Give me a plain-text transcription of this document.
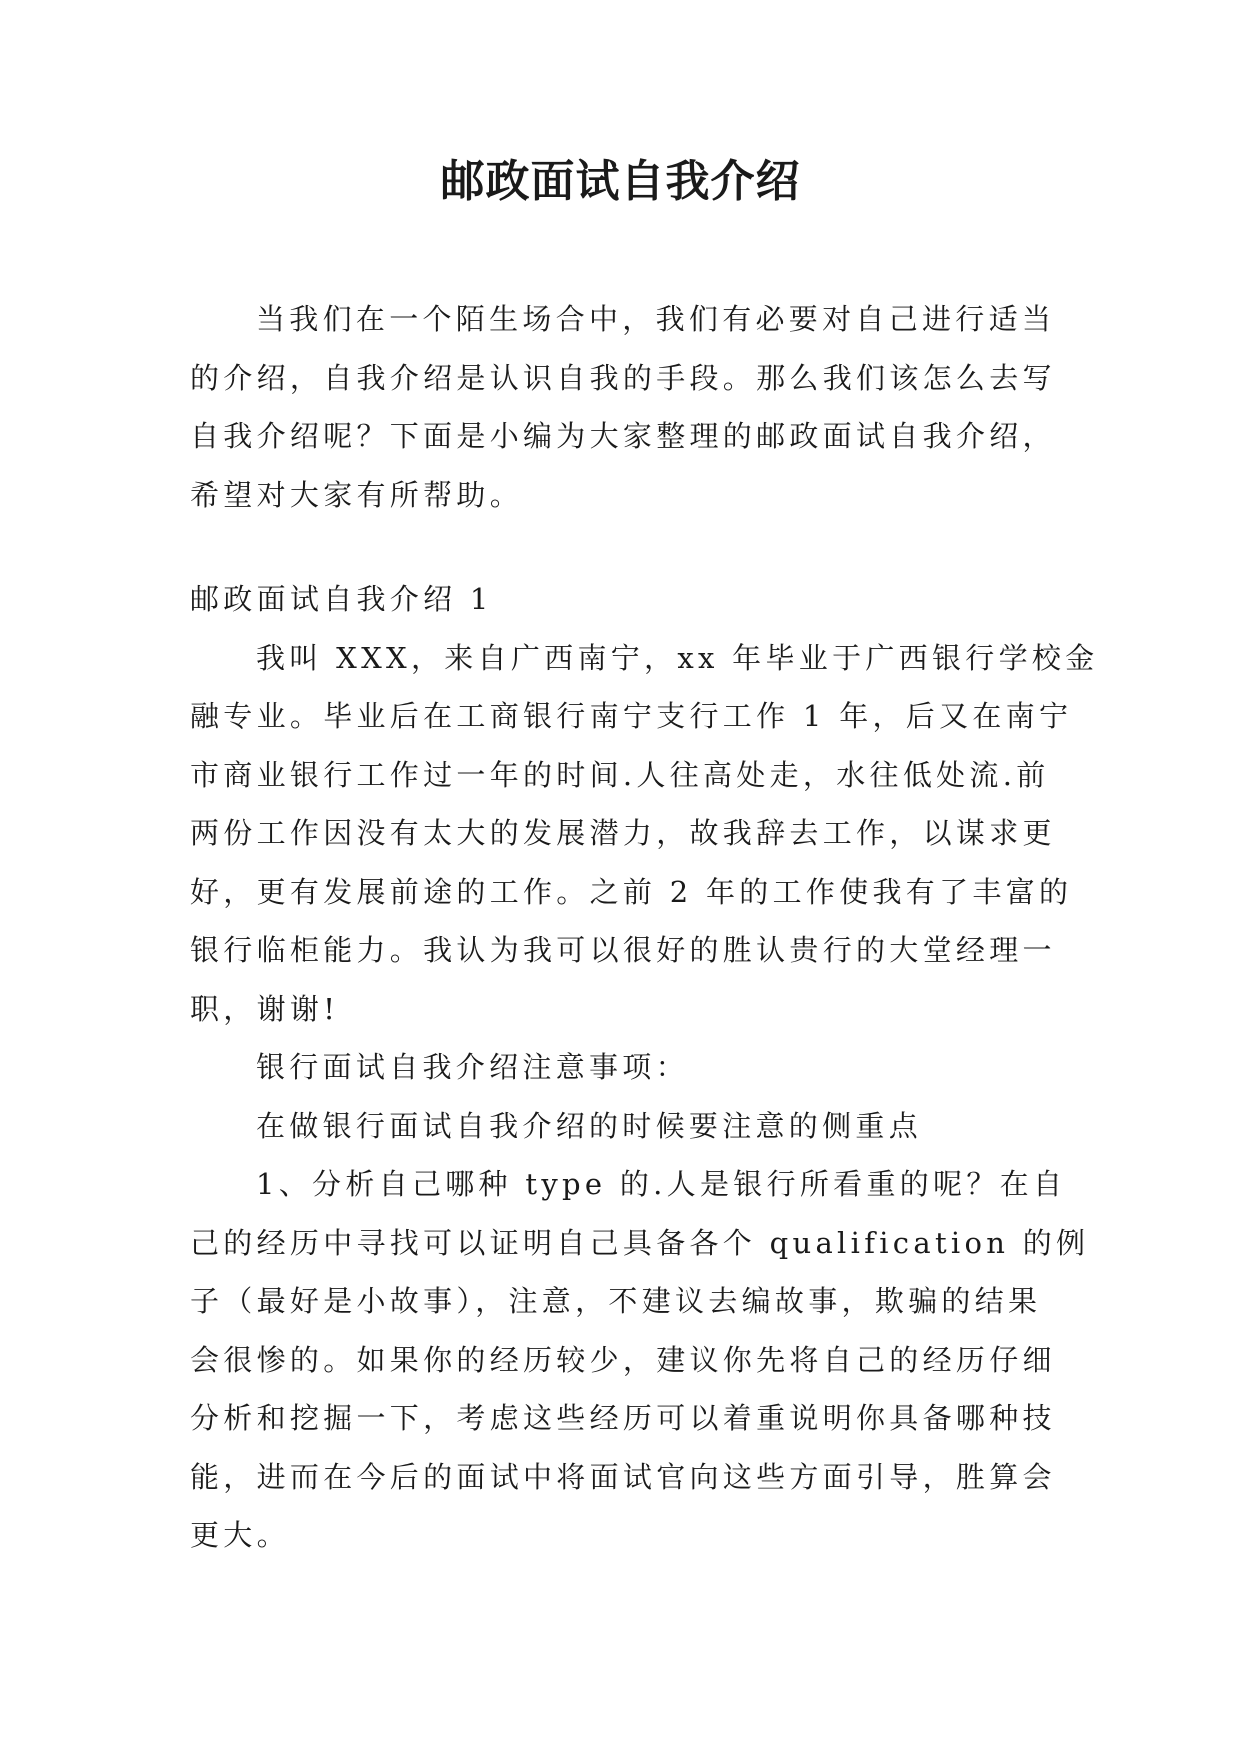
邮政面试自我介绍
当我们在一个陌生场合中，我们有必要对自己进行适当
的介绍，自我介绍是认识自我的手段。那么我们该怎么去写
自我介绍呢？下面是小编为大家整理的邮政面试自我介绍，
希望对大家有所帮助。
邮政面试自我介绍 1
我叫 XXX，来自广西南宁，xx 年毕业于广西银行学校金
融专业。毕业后在工商银行南宁支行工作 1 年，后又在南宁
市商业银行工作过一年的时间.人往高处走，水往低处流.前
两份工作因没有太大的发展潜力，故我辞去工作，以谋求更
好，更有发展前途的工作。之前 2 年的工作使我有了丰富的
银行临柜能力。我认为我可以很好的胜认贵行的大堂经理一
职，谢谢!
银行面试自我介绍注意事项：
在做银行面试自我介绍的时候要注意的侧重点
1、分析自己哪种 type 的.人是银行所看重的呢？在自
己的经历中寻找可以证明自己具备各个 qualification 的例
子（最好是小故事），注意，不建议去编故事，欺骗的结果
会很惨的。如果你的经历较少，建议你先将自己的经历仔细
分析和挖掘一下，考虑这些经历可以着重说明你具备哪种技
能，进而在今后的面试中将面试官向这些方面引导，胜算会
更大。
